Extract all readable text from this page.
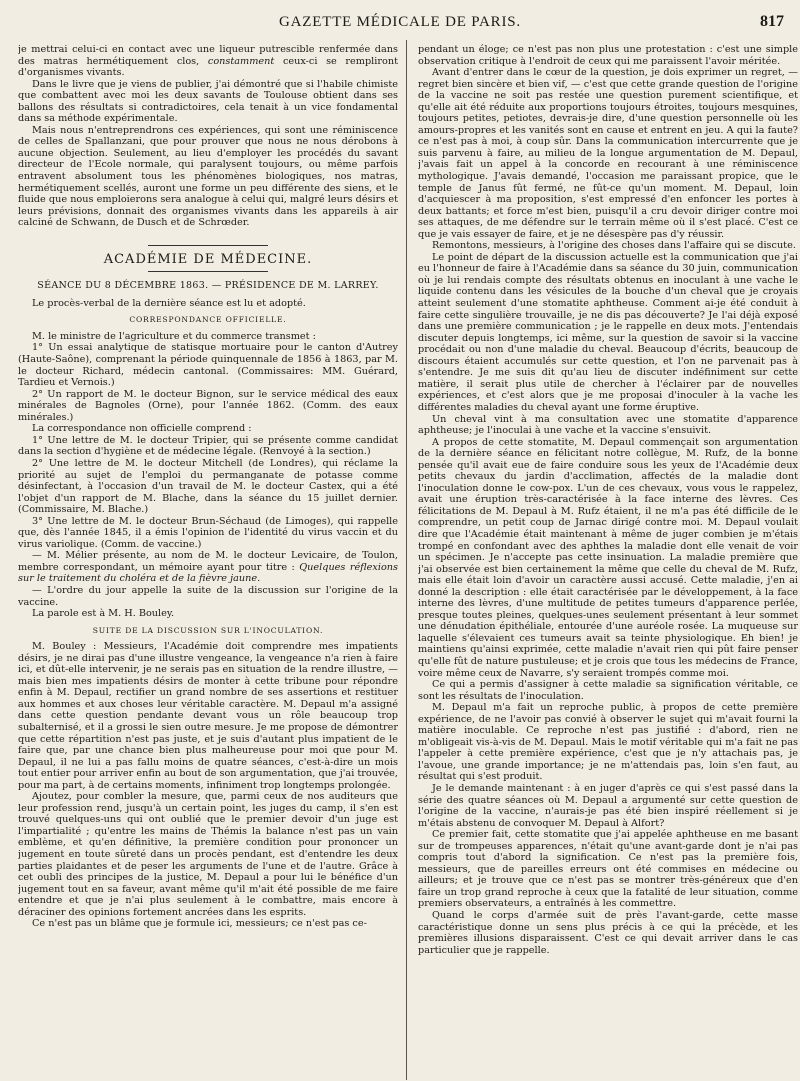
GAZETTE MÉDICALE DE PARIS.	817

je mettrai celui-ci en contact avec une liqueur putrescible renfermée dans des matras hermétiquement clos, constamment ceux-ci se rempliront d'organismes vivants.

Dans le livre que je viens de publier, j'ai démontré que si l'habile chimiste que combattent avec moi les deux savants de Toulouse obtient dans ses ballons des résultats si contradictoires, cela tenait à un vice fondamental dans sa méthode expérimentale.

Mais nous n'entreprendrons ces expériences, qui sont une réminiscence de celles de Spallanzani, que pour prouver que nous ne nous dérobons à aucune objection. Seulement, au lieu d'employer les procédés du savant directeur de l'Ecole normale, qui paralysent toujours, ou même parfois entravent absolument tous les phénomènes biologiques, nos matras, hermétiquement scellés, auront une forme un peu différente des siens, et le fluide que nous emploierons sera analogue à celui qui, malgré leurs désirs et leurs prévisions, donnait des organismes vivants dans les appareils à air calciné de Schwann, de Dusch et de Schrœder.

ACADÉMIE DE MÉDECINE.
SÉANCE DU 8 DÉCEMBRE 1863. — PRÉSIDENCE DE M. LARREY.

Le procès-verbal de la dernière séance est lu et adopté.

CORRESPONDANCE OFFICIELLE.

M. le ministre de l'agriculture et du commerce transmet :

1° Un essai analytique de statisque mortuaire pour le canton d'Autrey (Haute-Saône), comprenant la période quinquennale de 1856 à 1863, par M. le docteur Richard, médecin cantonal. (Commissaires: MM. Guérard, Tardieu et Vernois.)

2° Un rapport de M. le docteur Bignon, sur le service médical des eaux minérales de Bagnoles (Orne), pour l'année 1862. (Comm. des eaux minérales.)

La correspondance non officielle comprend :

1° Une lettre de M. le docteur Tripier, qui se présente comme candidat dans la section d'hygiène et de médecine légale. (Renvoyé à la section.)

2° Une lettre de M. le docteur Mitchell (de Londres), qui réclame la priorité au sujet de l'emploi du permanganate de potasse comme désinfectant, à l'occasion d'un travail de M. le docteur Castex, qui a été l'objet d'un rapport de M. Blache, dans la séance du 15 juillet dernier. (Commissaire, M. Blache.)

3° Une lettre de M. le docteur Brun-Séchaud (de Limoges), qui rappelle que, dès l'année 1845, il a émis l'opinion de l'identité du virus vaccin et du virus variolique. (Comm. de vaccine.)

— M. Mélier présente, au nom de M. le docteur Levicaire, de Toulon, membre correspondant, un mémoire ayant pour titre : Quelques réflexions sur le traitement du choléra et de la fièvre jaune.

— L'ordre du jour appelle la suite de la discussion sur l'origine de la vaccine.

La parole est à M. H. Bouley.

SUITE DE LA DISCUSSION SUR L'INOCULATION.

M. Bouley : Messieurs, l'Académie doit comprendre mes impatients désirs, je ne dirai pas d'une illustre vengeance, la vengeance n'a rien à faire ici, et dût-elle intervenir, je ne serais pas en situation de la rendre illustre, — mais bien mes impatients désirs de monter à cette tribune pour répondre enfin à M. Depaul, rectifier un grand nombre de ses assertions et restituer aux hommes et aux choses leur véritable caractère. M. Depaul m'a assigné dans cette question pendante devant vous un rôle beaucoup trop subalternisé, et il a grossi le sien outre mesure. Je me propose de démontrer que cette répartition n'est pas juste, et je suis d'autant plus impatient de le faire que, par une chance bien plus malheureuse pour moi que pour M. Depaul, il ne lui a pas fallu moins de quatre séances, c'est-à-dire un mois tout entier pour arriver enfin au bout de son argumentation, que j'ai trouvée, pour ma part, à de certains moments, infiniment trop longtemps prolongée.

Ajoutez, pour combler la mesure, que, parmi ceux de nos auditeurs que leur profession rend, jusqu'à un certain point, les juges du camp, il s'en est trouvé quelques-uns qui ont oublié que le premier devoir d'un juge est l'impartialité ; qu'entre les mains de Thémis la balance n'est pas un vain emblème, et qu'en définitive, la première condition pour prononcer un jugement en toute sûreté dans un procès pendant, est d'entendre les deux parties plaidantes et de peser les arguments de l'une et de l'autre. Grâce à cet oubli des principes de la justice, M. Depaul a pour lui le bénéfice d'un jugement tout en sa faveur, avant même qu'il m'ait été possible de me faire entendre et que je n'ai plus seulement à le combattre, mais encore à déraciner des opinions fortement ancrées dans les esprits.

Ce n'est pas un blâme que je formule ici, messieurs; ce n'est pas ce-

pendant un éloge; ce n'est pas non plus une protestation : c'est une simple observation critique à l'endroit de ceux qui me paraissent l'avoir méritée.

Avant d'entrer dans le cœur de la question, je dois exprimer un regret, — regret bien sincère et bien vif, — c'est que cette grande question de l'origine de la vaccine ne soit pas restée une question purement scientifique, et qu'elle ait été réduite aux proportions toujours étroites, toujours mesquines, toujours petites, petiotes, devrais-je dire, d'une question personnelle où les amours-propres et les vanités sont en cause et entrent en jeu. A qui la faute? ce n'est pas à moi, à coup sûr. Dans la communication intercurrente que je suis parvenu à faire, au milieu de la longue argumentation de M. Depaul, j'avais fait un appel à la concorde en recourant à une réminiscence mythologique. J'avais demandé, l'occasion me paraissant propice, que le temple de Janus fût fermé, ne fût-ce qu'un moment. M. Depaul, loin d'acquiescer à ma proposition, s'est empressé d'en enfoncer les portes à deux battants; et force m'est bien, puisqu'il a cru devoir diriger contre moi ses attaques, de me défendre sur le terrain même où il s'est placé. C'est ce que je vais essayer de faire, et je ne désespère pas d'y réussir.

Remontons, messieurs, à l'origine des choses dans l'affaire qui se discute.

Le point de départ de la discussion actuelle est la communication que j'ai eu l'honneur de faire à l'Académie dans sa séance du 30 juin, communication où je lui rendais compte des résultats obtenus en inoculant à une vache le liquide contenu dans les vésicules de la bouche d'un cheval que je croyais atteint seulement d'une stomatite aphtheuse. Comment ai-je été conduit à faire cette singulière trouvaille, je ne dis pas découverte? Je l'ai déjà exposé dans une première communication ; je le rappelle en deux mots. J'entendais discuter depuis longtemps, ici même, sur la question de savoir si la vaccine procédait ou non d'une maladie du cheval. Beaucoup d'écrits, beaucoup de discours étaient accumulés sur cette question, et l'on ne parvenait pas à s'entendre. Je me suis dit qu'au lieu de discuter indéfiniment sur cette matière, il serait plus utile de chercher à l'éclairer par de nouvelles expériences, et c'est alors que je me proposai d'inoculer à la vache les différentes maladies du cheval ayant une forme éruptive.

Un cheval vint à ma consultation avec une stomatite d'apparence aphtheuse; je l'inoculai à une vache et la vaccine s'ensuivit.

A propos de cette stomatite, M. Depaul commençait son argumentation de la dernière séance en félicitant notre collègue, M. Rufz, de la bonne pensée qu'il avait eue de faire conduire sous les yeux de l'Académie deux petits chevaux du jardin d'acclimation, affectés de la maladie dont l'inoculation donne le cow-pox. L'un de ces chevaux, vous vous le rappelez, avait une éruption très-caractérisée à la face interne des lèvres. Ces félicitations de M. Depaul à M. Rufz étaient, il ne m'a pas été difficile de le comprendre, un petit coup de Jarnac dirigé contre moi. M. Depaul voulait dire que l'Académie était maintenant à même de juger combien je m'étais trompé en confondant avec des aphthes la maladie dont elle venait de voir un spécimen. Je n'accepte pas cette insinuation. La maladie première que j'ai observée est bien certainement la même que celle du cheval de M. Rufz, mais elle était loin d'avoir un caractère aussi accusé. Cette maladie, j'en ai donné la description : elle était caractérisée par le développement, à la face interne des lèvres, d'une multitude de petites tumeurs d'apparence perlée, presque toutes pleines, quelques-unes seulement présentant à leur sommet une dénudation épithéliale, entourée d'une auréole rosée. La muqueuse sur laquelle s'élevaient ces tumeurs avait sa teinte physiologique. Eh bien! je maintiens qu'ainsi exprimée, cette maladie n'avait rien qui pût faire penser qu'elle fût de nature pustuleuse; et je crois que tous les médecins de France, voire même ceux de Navarre, s'y seraient trompés comme moi.

Ce qui a permis d'assigner à cette maladie sa signification véritable, ce sont les résultats de l'inoculation.

M. Depaul m'a fait un reproche public, à propos de cette première expérience, de ne l'avoir pas convié à observer le sujet qui m'avait fourni la matière inoculable. Ce reproche n'est pas justifié : d'abord, rien ne m'obligeait vis-à-vis de M. Depaul. Mais le motif véritable qui m'a fait ne pas l'appeler à cette première expérience, c'est que je n'y attachais pas, je l'avoue, une grande importance; je ne m'attendais pas, loin s'en faut, au résultat qui s'est produit.

Je le demande maintenant : à en juger d'après ce qui s'est passé dans la série des quatre séances où M. Depaul a argumenté sur cette question de l'origine de la vaccine, n'aurais-je pas été bien inspiré réellement si je m'étais abstenu de convoquer M. Depaul à Alfort?

Ce premier fait, cette stomatite que j'ai appelée aphtheuse en me basant sur de trompeuses apparences, n'était qu'une avant-garde dont je n'ai pas compris tout d'abord la signification. Ce n'est pas la première fois, messieurs, que de pareilles erreurs ont été commises en médecine ou ailleurs; et je trouve que ce n'est pas se montrer très-généreux que d'en faire un trop grand reproche à ceux que la fatalité de leur situation, comme premiers observateurs, a entraînés à les commettre.

Quand le corps d'armée suit de près l'avant-garde, cette masse caractéristique donne un sens plus précis à ce qui la précède, et les premières illusions disparaissent. C'est ce qui devait arriver dans le cas particulier que je rappelle.
